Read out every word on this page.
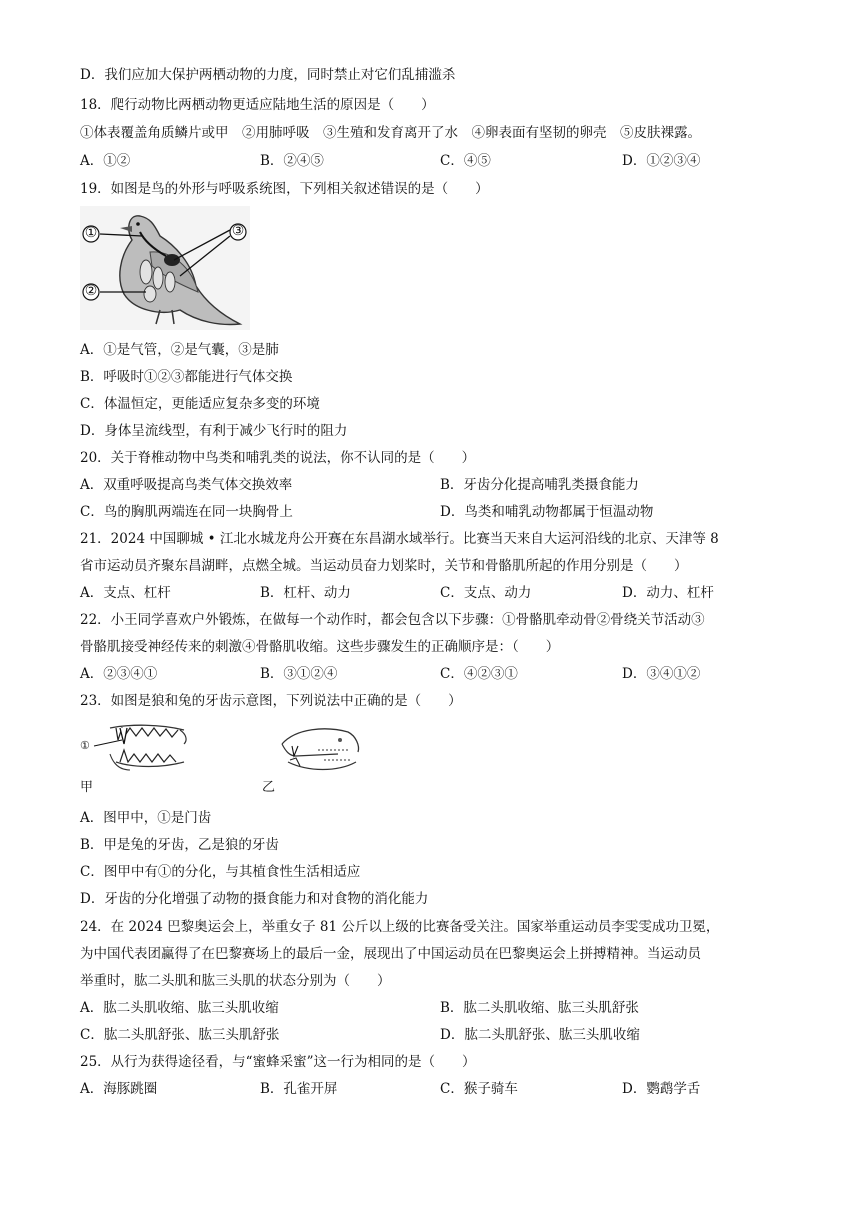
D．我们应加大保护两栖动物的力度，同时禁止对它们乱捕滥杀
18．爬行动物比两栖动物更适应陆地生活的原因是（　　）
①体表覆盖角质鳞片或甲　②用肺呼吸　③生殖和发育离开了水　④卵表面有坚韧的卵壳　⑤皮肤裸露。
A．①②	B．②④⑤	C．④⑤	D．①②③④
19．如图是鸟的外形与呼吸系统图，下列相关叙述错误的是（　　）
①
②
③
A．①是气管，②是气囊，③是肺
B．呼吸时①②③都能进行气体交换
C．体温恒定，更能适应复杂多变的环境
D．身体呈流线型，有利于减少飞行时的阻力
20．关于脊椎动物中鸟类和哺乳类的说法，你不认同的是（　　）
A．双重呼吸提高鸟类气体交换效率	B．牙齿分化提高哺乳类摄食能力
C．鸟的胸肌两端连在同一块胸骨上	D．鸟类和哺乳动物都属于恒温动物
21．2024 中国聊城 • 江北水城龙舟公开赛在东昌湖水域举行。比赛当天来自大运河沿线的北京、天津等 8
省市运动员齐聚东昌湖畔，点燃全城。当运动员奋力划桨时，关节和骨骼肌所起的作用分别是（　　）
A．支点、杠杆	B．杠杆、动力	C．支点、动力	D．动力、杠杆
22．小王同学喜欢户外锻炼，在做每一个动作时，都会包含以下步骤：①骨骼肌牵动骨②骨绕关节活动③
骨骼肌接受神经传来的刺激④骨骼肌收缩。这些步骤发生的正确顺序是：（　　）
A．②③④①	B．③①②④	C．④②③①	D．③④①②
23．如图是狼和兔的牙齿示意图，下列说法中正确的是（　　）
①
甲	乙
A．图甲中，①是门齿
B．甲是兔的牙齿，乙是狼的牙齿
C．图甲中有①的分化，与其植食性生活相适应
D．牙齿的分化增强了动物的摄食能力和对食物的消化能力
24．在 2024 巴黎奥运会上，举重女子 81 公斤以上级的比赛备受关注。国家举重运动员李雯雯成功卫冕，
为中国代表团赢得了在巴黎赛场上的最后一金，展现出了中国运动员在巴黎奥运会上拼搏精神。当运动员
举重时，肱二头肌和肱三头肌的状态分别为（　　）
A．肱二头肌收缩、肱三头肌收缩	B．肱二头肌收缩、肱三头肌舒张
C．肱二头肌舒张、肱三头肌舒张	D．肱二头肌舒张、肱三头肌收缩
25．从行为获得途径看，与“蜜蜂采蜜”这一行为相同的是（　　）
A．海豚跳圈	B．孔雀开屏	C．猴子骑车	D．鹦鹉学舌
